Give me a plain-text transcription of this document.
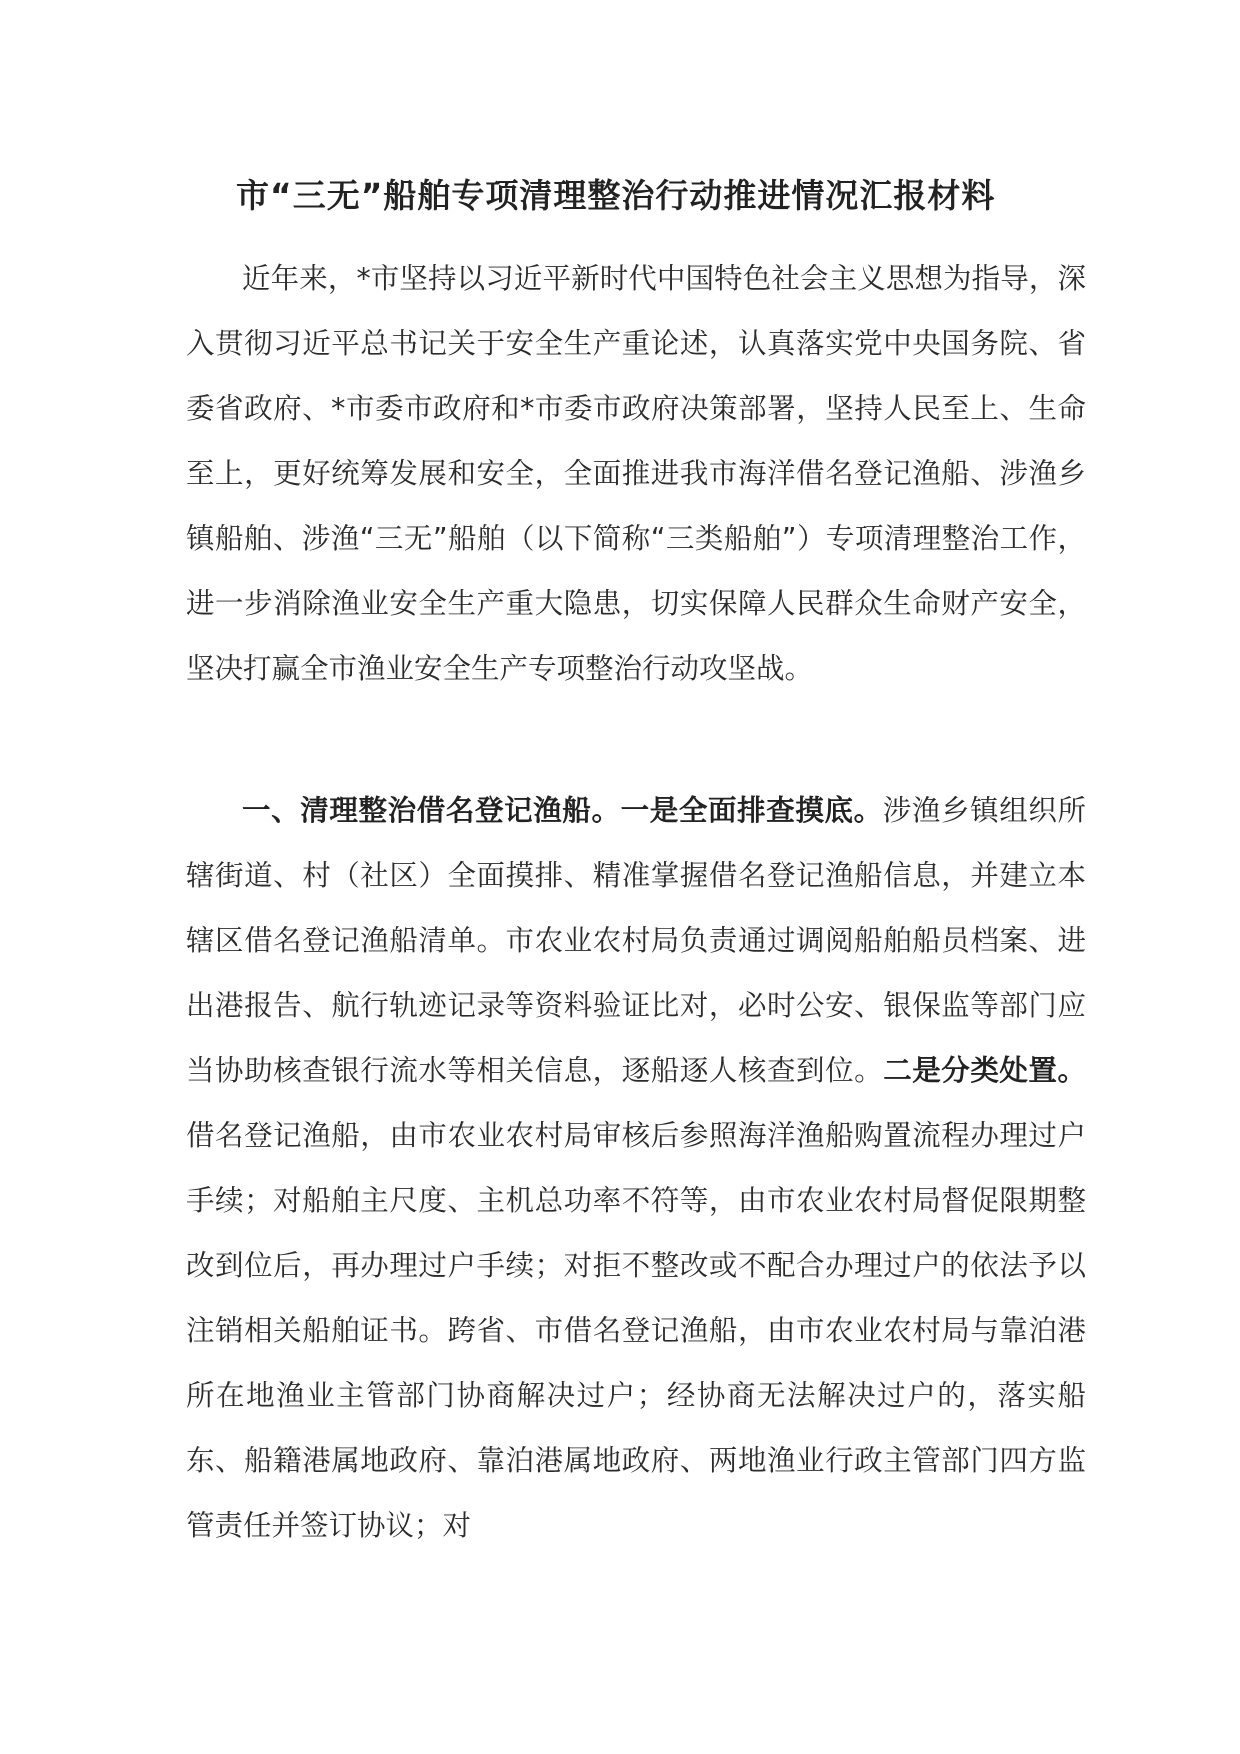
市“三无”船舶专项清理整治行动推进情况汇报材料

近年来，*市坚持以习近平新时代中国特色社会主义思想为指导，深入贯彻习近平总书记关于安全生产重论述，认真落实党中央国务院、省委省政府、*市委市政府和*市委市政府决策部署，坚持人民至上、生命至上，更好统筹发展和安全，全面推进我市海洋借名登记渔船、涉渔乡镇船舶、涉渔“三无”船舶（以下简称“三类船舶”）专项清理整治工作，进一步消除渔业安全生产重大隐患，切实保障人民群众生命财产安全，坚决打赢全市渔业安全生产专项整治行动攻坚战。

一、清理整治借名登记渔船。一是全面排查摸底。涉渔乡镇组织所辖街道、村（社区）全面摸排、精准掌握借名登记渔船信息，并建立本辖区借名登记渔船清单。市农业农村局负责通过调阅船舶船员档案、进出港报告、航行轨迹记录等资料验证比对，必时公安、银保监等部门应当协助核查银行流水等相关信息，逐船逐人核查到位。二是分类处置。借名登记渔船，由市农业农村局审核后参照海洋渔船购置流程办理过户手续；对船舶主尺度、主机总功率不符等，由市农业农村局督促限期整改到位后，再办理过户手续；对拒不整改或不配合办理过户的依法予以注销相关船舶证书。跨省、市借名登记渔船，由市农业农村局与靠泊港所在地渔业主管部门协商解决过户；经协商无法解决过户的，落实船东、船籍港属地政府、靠泊港属地政府、两地渔业行政主管部门四方监管责任并签订协议；对
